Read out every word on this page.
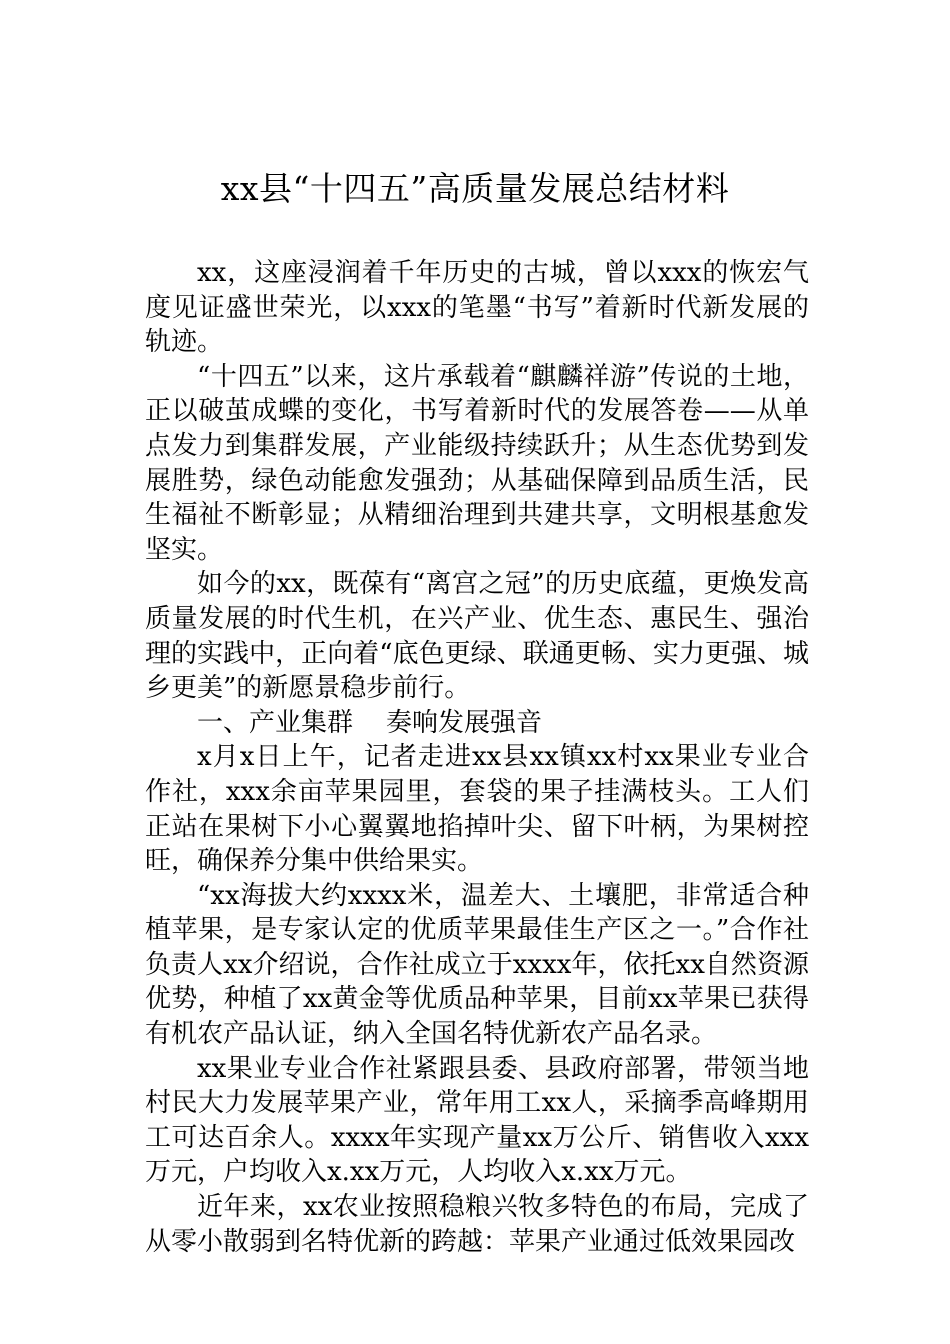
xx县“十四五”高质量发展总结材料

xx，这座浸润着千年历史的古城，曾以xxx的恢宏气度见证盛世荣光，以xxx的笔墨“书写”着新时代新发展的轨迹。

“十四五”以来，这片承载着“麒麟祥游”传说的土地，正以破茧成蝶的变化，书写着新时代的发展答卷——从单点发力到集群发展，产业能级持续跃升；从生态优势到发展胜势，绿色动能愈发强劲；从基础保障到品质生活，民生福祉不断彰显；从精细治理到共建共享，文明根基愈发坚实。

如今的xx，既葆有“离宫之冠”的历史底蕴，更焕发高质量发展的时代生机，在兴产业、优生态、惠民生、强治理的实践中，正向着“底色更绿、联通更畅、实力更强、城乡更美”的新愿景稳步前行。

一、产业集群    奏响发展强音

x月x日上午，记者走进xx县xx镇xx村xx果业专业合作社，xxx余亩苹果园里，套袋的果子挂满枝头。工人们正站在果树下小心翼翼地掐掉叶尖、留下叶柄，为果树控旺，确保养分集中供给果实。

“xx海拔大约xxxx米，温差大、土壤肥，非常适合种植苹果，是专家认定的优质苹果最佳生产区之一。”合作社负责人xx介绍说，合作社成立于xxxx年，依托xx自然资源优势，种植了xx黄金等优质品种苹果，目前xx苹果已获得有机农产品认证，纳入全国名特优新农产品名录。

xx果业专业合作社紧跟县委、县政府部署，带领当地村民大力发展苹果产业，常年用工xx人，采摘季高峰期用工可达百余人。xxxx年实现产量xx万公斤、销售收入xxx万元，户均收入x.xx万元，人均收入x.xx万元。

近年来，xx农业按照稳粮兴牧多特色的布局，完成了从零小散弱到名特优新的跨越：苹果产业通过低效果园改
